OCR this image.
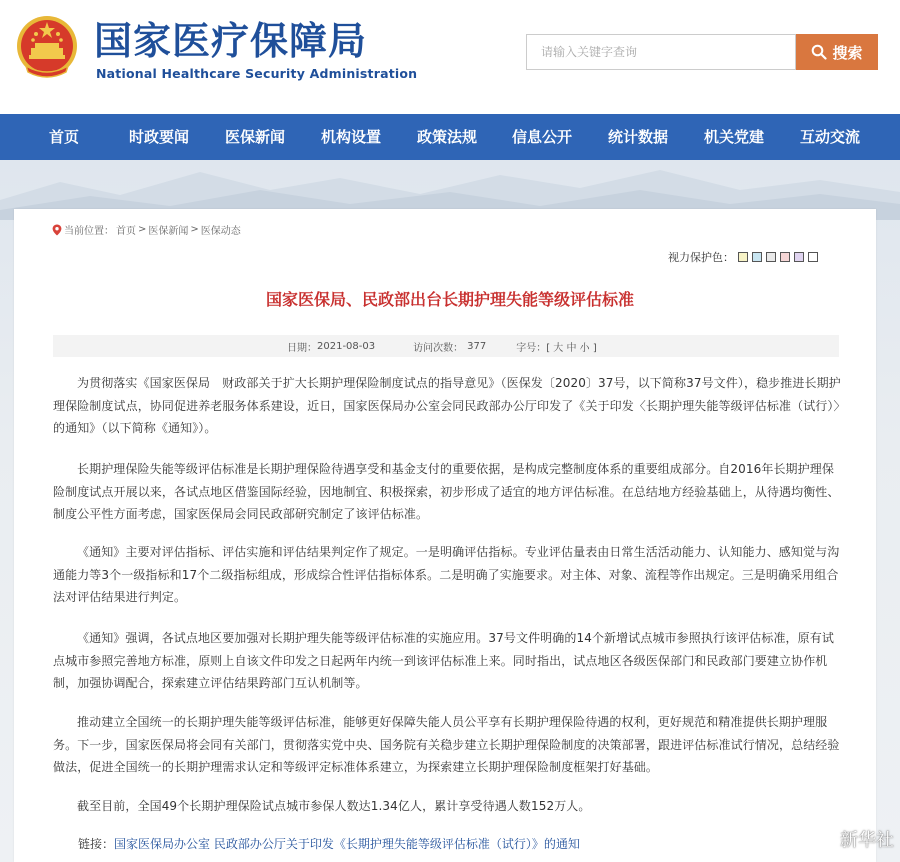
国家医疗保障局
National Healthcare Security Administration
请输入关键字查询
搜索
首页	时政要闻 医保新闻 机构设置 政策法规 信息公开 统计数据 机关党建 互动交流
当前位置： 首页 > 医保新闻 > 医保动态
视力保护色：
国家医保局、民政部出台长期护理失能等级评估标准
日期： 2021-08-03	访问次数： 377	字号： [ 大 中 小 ]

为贯彻落实《国家医保局　财政部关于扩大长期护理保险制度试点的指导意见》（医保发〔2020〕37号，以下简称37号文件），稳步推进长期护理保险制度试点，协同促进养老服务体系建设，近日，国家医保局办公室会同民政部办公厅印发了《关于印发〈长期护理失能等级评估标准（试行）〉的通知》（以下简称《通知》）。

长期护理保险失能等级评估标准是长期护理保险待遇享受和基金支付的重要依据，是构成完整制度体系的重要组成部分。自2016年长期护理保险制度试点开展以来，各试点地区借鉴国际经验，因地制宜、积极探索，初步形成了适宜的地方评估标准。在总结地方经验基础上，从待遇均衡性、制度公平性方面考虑，国家医保局会同民政部研究制定了该评估标准。

《通知》主要对评估指标、评估实施和评估结果判定作了规定。一是明确评估指标。专业评估量表由日常生活活动能力、认知能力、感知觉与沟通能力等3个一级指标和17个二级指标组成，形成综合性评估指标体系。二是明确了实施要求。对主体、对象、流程等作出规定。三是明确采用组合法对评估结果进行判定。

《通知》强调，各试点地区要加强对长期护理失能等级评估标准的实施应用。37号文件明确的14个新增试点城市参照执行该评估标准，原有试点城市参照完善地方标准，原则上自该文件印发之日起两年内统一到该评估标准上来。同时指出，试点地区各级医保部门和民政部门要建立协作机制，加强协调配合，探索建立评估结果跨部门互认机制等。

推动建立全国统一的长期护理失能等级评估标准，能够更好保障失能人员公平享有长期护理保险待遇的权利，更好规范和精准提供长期护理服务。下一步，国家医保局将会同有关部门，贯彻落实党中央、国务院有关稳步建立长期护理保险制度的决策部署，跟进评估标准试行情况，总结经验做法，促进全国统一的长期护理需求认定和等级评定标准体系建立，为探索建立长期护理保险制度框架打好基础。

截至目前，全国49个长期护理保险试点城市参保人数达1.34亿人，累计享受待遇人数152万人。

链接：国家医保局办公室 民政部办公厅关于印发《长期护理失能等级评估标准（试行）》的通知	新华社
